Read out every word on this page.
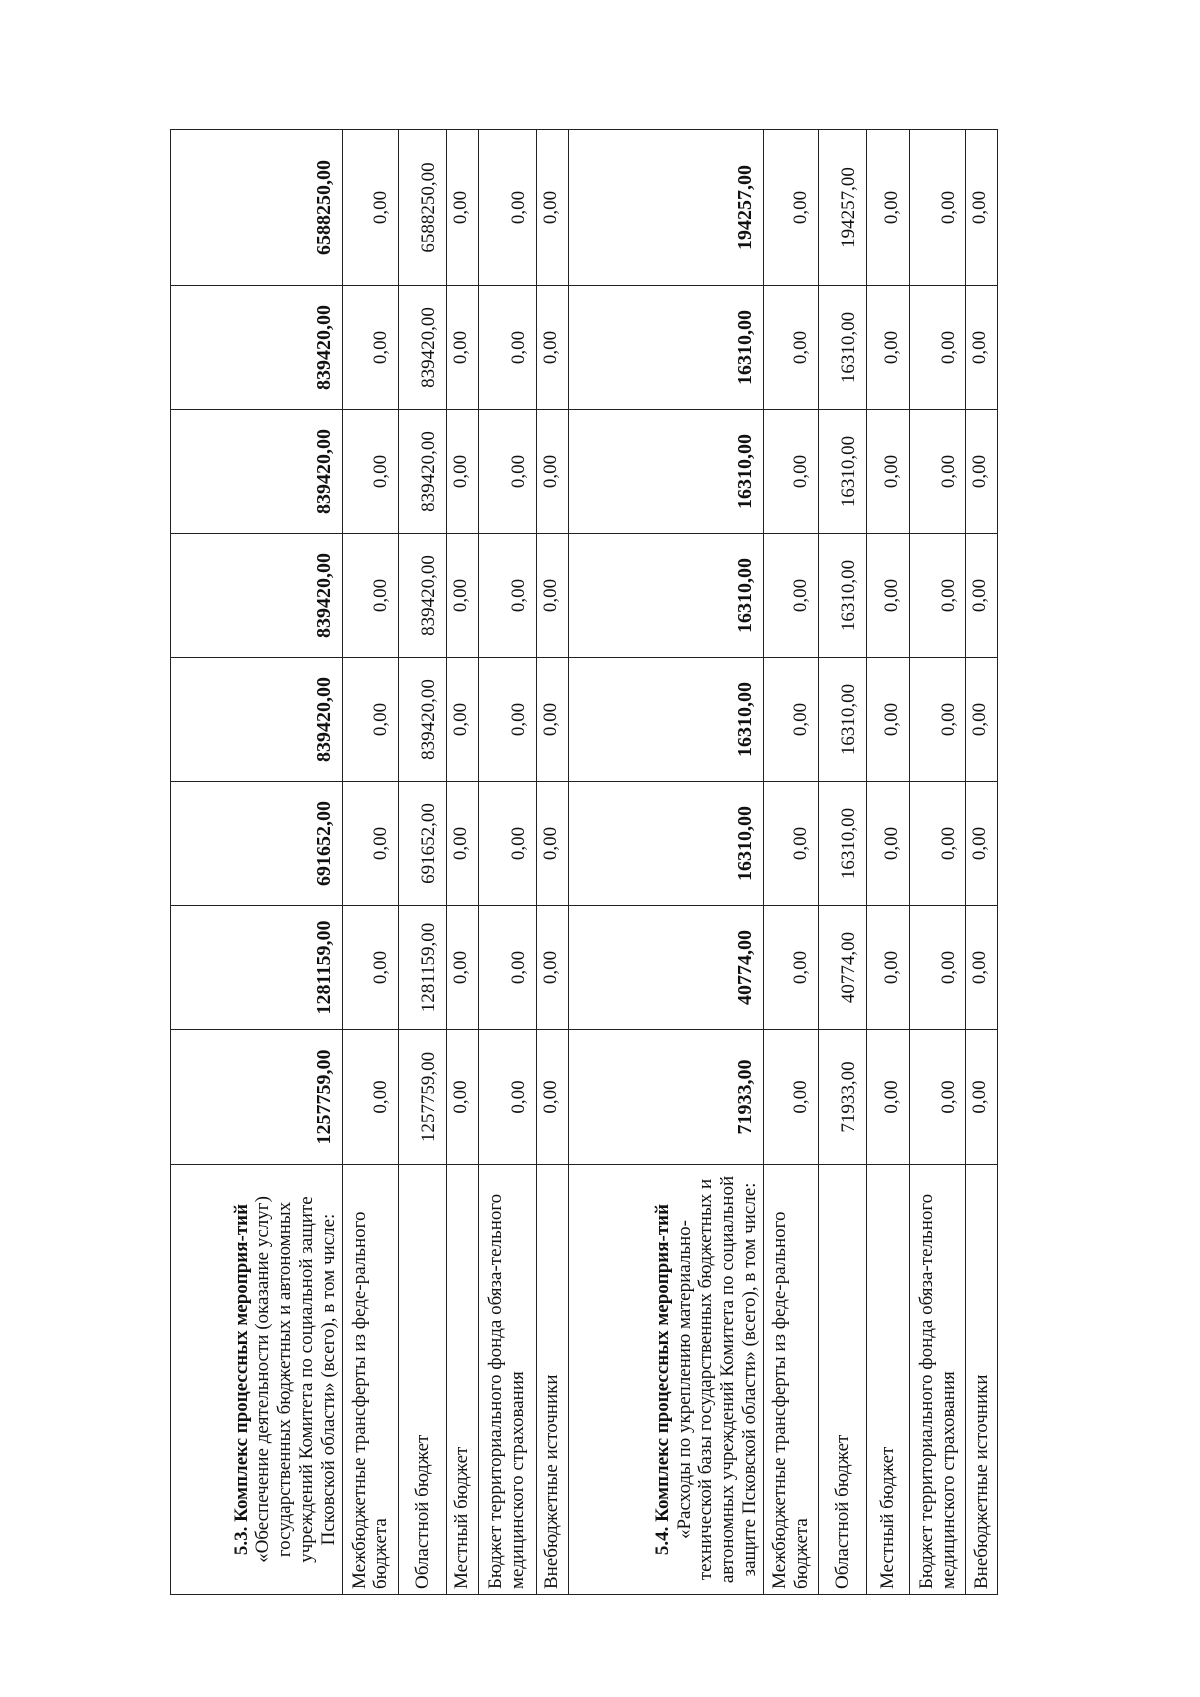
5.3. Комплекс процессных мероприя-тий
«Обеспечение деятельности (оказание услуг) государственных бюджетных и автономных учреждений Комитета по социальной защите Псковской области» (всего), в том числе:	1257759,00	1281159,00	691652,00	839420,00	839420,00	839420,00	839420,00	6588250,00
Межбюджетные трансферты из феде-рального бюджета	0,00	0,00	0,00	0,00	0,00	0,00	0,00	0,00
Областной бюджет	1257759,00	1281159,00	691652,00	839420,00	839420,00	839420,00	839420,00	6588250,00
Местный бюджет	0,00	0,00	0,00	0,00	0,00	0,00	0,00	0,00
Бюджет территориального фонда обяза-тельного медицинского страхования	0,00	0,00	0,00	0,00	0,00	0,00	0,00	0,00
Внебюджетные источники	0,00	0,00	0,00	0,00	0,00	0,00	0,00	0,00
5.4. Комплекс процессных мероприя-тий
«Расходы по укреплению материально-технической базы государственных бюджетных и автономных учреждений Комитета по социальной защите Псковской области» (всего), в том числе:	71933,00	40774,00	16310,00	16310,00	16310,00	16310,00	16310,00	194257,00
Межбюджетные трансферты из феде-рального бюджета	0,00	0,00	0,00	0,00	0,00	0,00	0,00	0,00
Областной бюджет	71933,00	40774,00	16310,00	16310,00	16310,00	16310,00	16310,00	194257,00
Местный бюджет	0,00	0,00	0,00	0,00	0,00	0,00	0,00	0,00
Бюджет территориального фонда обяза-тельного медицинского страхования	0,00	0,00	0,00	0,00	0,00	0,00	0,00	0,00
Внебюджетные источники	0,00	0,00	0,00	0,00	0,00	0,00	0,00	0,00
